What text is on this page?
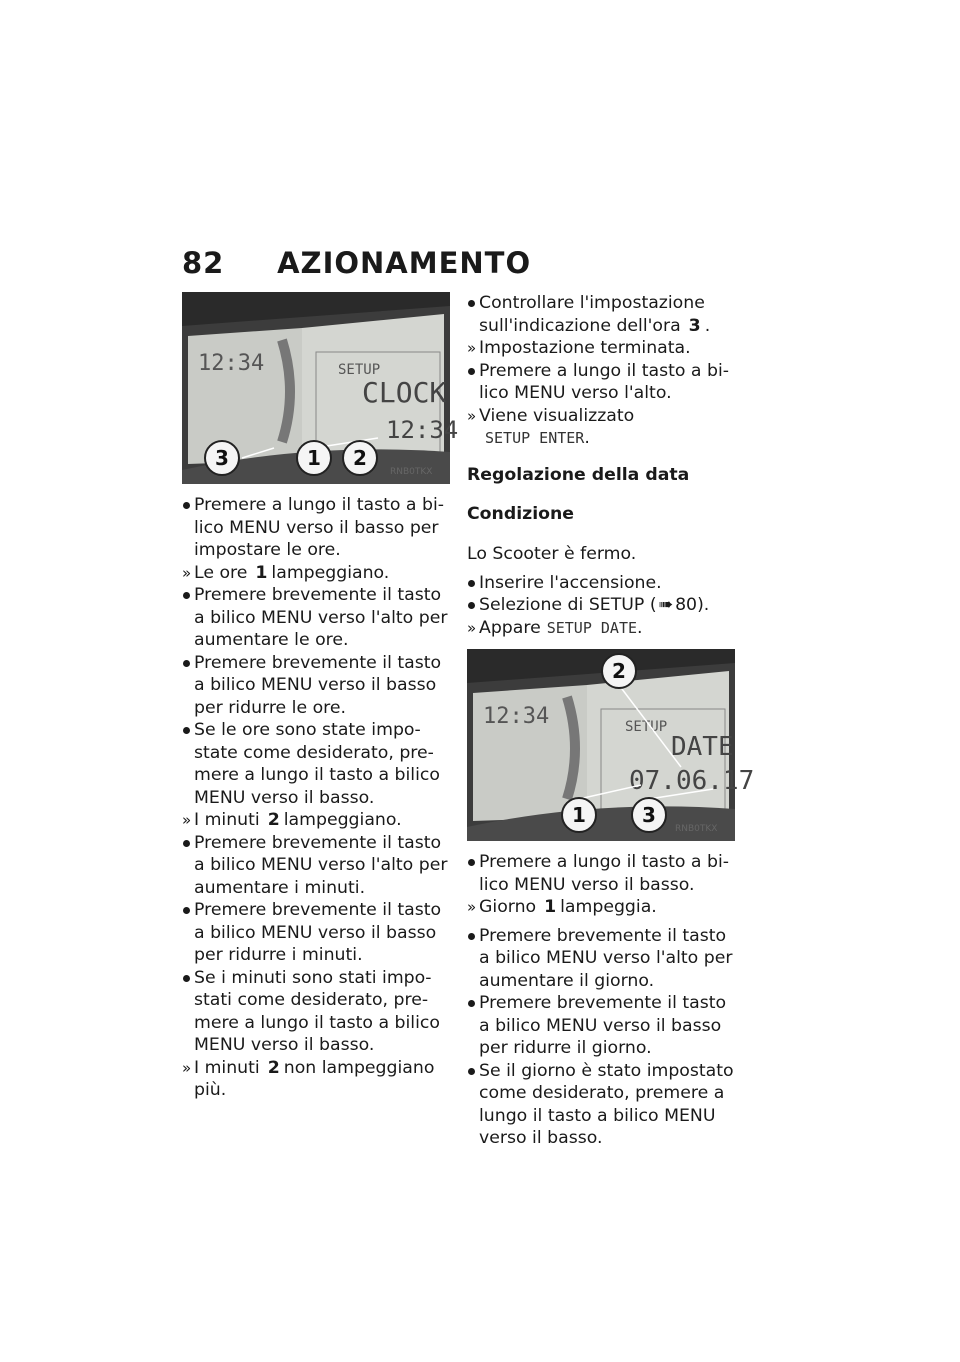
82 AZIONAMENTO
12:34	SETUP
CLOCK
12:34
3	1 2
RNB0TKX

Premere a lungo il tasto a bilico MENU verso il basso per impostare le ore.

» Le ore 1 lampeggiano.

Premere brevemente il tasto a bilico MENU verso l'alto per aumentare le ore.

Premere brevemente il tasto a bilico MENU verso il basso per ridurre le ore.

Se le ore sono state impostate come desiderato, premere a lungo il tasto a bilico MENU verso il basso.

» I minuti 2 lampeggiano.

Premere brevemente il tasto a bilico MENU verso l'alto per aumentare i minuti.

Premere brevemente il tasto a bilico MENU verso il basso per ridurre i minuti.

Se i minuti sono stati impostati come desiderato, premere a lungo il tasto a bilico MENU verso il basso.

» I minuti 2 non lampeggiano più.

Controllare l'impostazione sull'indicazione dell'ora 3 .

» Impostazione terminata.

Premere a lungo il tasto a bilico MENU verso l'alto.

» Viene visualizzato

SETUP ENTER.

Regolazione della data

Condizione

Lo Scooter è fermo.

Inserire l'accensione.

Selezione di SETUP ( ➠ 80).

» Appare SETUP DATE.

12:34	SETUP
DATE
07.06.17
2
1	3
RNB0TKX

Premere a lungo il tasto a bilico MENU verso il basso.

» Giorno 1 lampeggia.

Premere brevemente il tasto a bilico MENU verso l'alto per aumentare il giorno.

Premere brevemente il tasto a bilico MENU verso il basso per ridurre il giorno.

Se il giorno è stato impostato come desiderato, premere a lungo il tasto a bilico MENU verso il basso.
